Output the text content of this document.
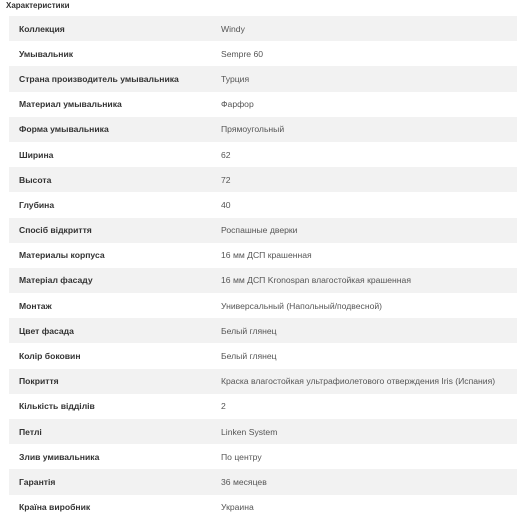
Характеристики
Коллекция	Windy
Умывальник	Sempre 60
Страна производитель умывальника	Турция
Материал умывальника	Фарфор
Форма умывальника	Прямоугольный
Ширина	62
Высота	72
Глубина	40
Спосіб відкриття	Роспашные дверки
Материалы корпуса	16 мм ДСП крашенная
Матеріал фасаду	16 мм ДСП Kronospan влагостойкая крашенная
Монтаж	Универсальный (Напольный/подвесной)
Цвет фасада	Белый глянец
Колір боковин	Белый глянец
Покриття	Краска влагостойкая ультрафиолетового отверждения Iris (Испания)
Кількість відділів	2
Петлі	Linken System
Злив умивальника	По центру
Гарантія	36 месяцев
Країна виробник	Украина
